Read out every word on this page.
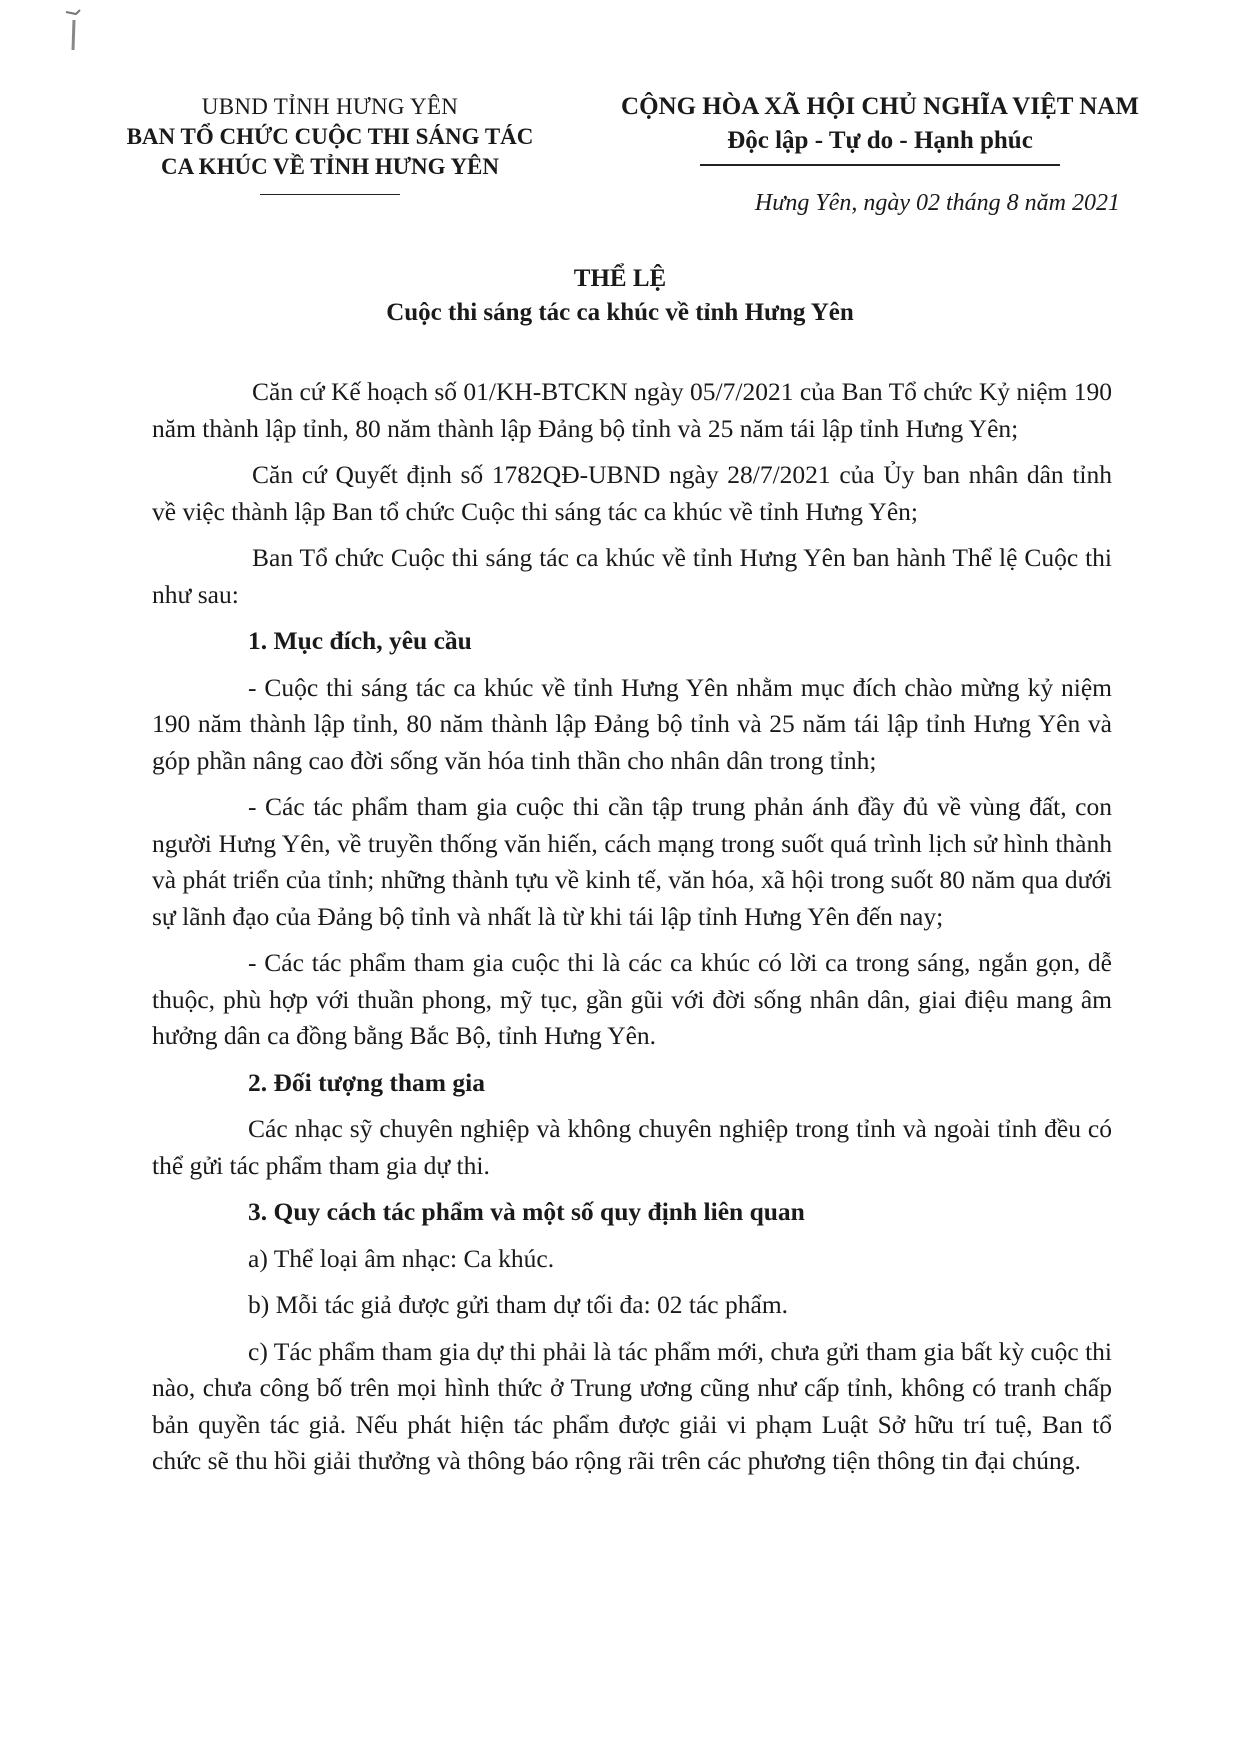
UBND TỈNH HƯNG YÊN
BAN TỔ CHỨC CUỘC THI SÁNG TÁC
CA KHÚC VỀ TỈNH HƯNG YÊN
CỘNG HÒA XÃ HỘI CHỦ NGHĨA VIỆT NAM
Độc lập - Tự do - Hạnh phúc
Hưng Yên, ngày 02 tháng 8 năm 2021
THỂ LỆ
Cuộc thi sáng tác ca khúc về tỉnh Hưng Yên

Căn cứ Kế hoạch số 01/KH-BTCKN ngày 05/7/2021 của Ban Tổ chức Kỷ niệm 190 năm thành lập tỉnh, 80 năm thành lập Đảng bộ tỉnh và 25 năm tái lập tỉnh Hưng Yên;

Căn cứ Quyết định số 1782QĐ-UBND ngày 28/7/2021 của Ủy ban nhân dân tỉnh về việc thành lập Ban tổ chức Cuộc thi sáng tác ca khúc về tỉnh Hưng Yên;

Ban Tổ chức Cuộc thi sáng tác ca khúc về tỉnh Hưng Yên ban hành Thể lệ Cuộc thi như sau:

1. Mục đích, yêu cầu

- Cuộc thi sáng tác ca khúc về tỉnh Hưng Yên nhằm mục đích chào mừng kỷ niệm 190 năm thành lập tỉnh, 80 năm thành lập Đảng bộ tỉnh và 25 năm tái lập tỉnh Hưng Yên và góp phần nâng cao đời sống văn hóa tinh thần cho nhân dân trong tỉnh;

- Các tác phẩm tham gia cuộc thi cần tập trung phản ánh đầy đủ về vùng đất, con người Hưng Yên, về truyền thống văn hiến, cách mạng trong suốt quá trình lịch sử hình thành và phát triển của tỉnh; những thành tựu về kinh tế, văn hóa, xã hội trong suốt 80 năm qua dưới sự lãnh đạo của Đảng bộ tỉnh và nhất là từ khi tái lập tỉnh Hưng Yên đến nay;

- Các tác phẩm tham gia cuộc thi là các ca khúc có lời ca trong sáng, ngắn gọn, dễ thuộc, phù hợp với thuần phong, mỹ tục, gần gũi với đời sống nhân dân, giai điệu mang âm hưởng dân ca đồng bằng Bắc Bộ, tỉnh Hưng Yên.

2. Đối tượng tham gia

Các nhạc sỹ chuyên nghiệp và không chuyên nghiệp trong tỉnh và ngoài tỉnh đều có thể gửi tác phẩm tham gia dự thi.

3. Quy cách tác phẩm và một số quy định liên quan

a) Thể loại âm nhạc: Ca khúc.

b) Mỗi tác giả được gửi tham dự tối đa: 02 tác phẩm.

c) Tác phẩm tham gia dự thi phải là tác phẩm mới, chưa gửi tham gia bất kỳ cuộc thi nào, chưa công bố trên mọi hình thức ở Trung ương cũng như cấp tỉnh, không có tranh chấp bản quyền tác giả. Nếu phát hiện tác phẩm được giải vi phạm Luật Sở hữu trí tuệ, Ban tổ chức sẽ thu hồi giải thưởng và thông báo rộng rãi trên các phương tiện thông tin đại chúng.
